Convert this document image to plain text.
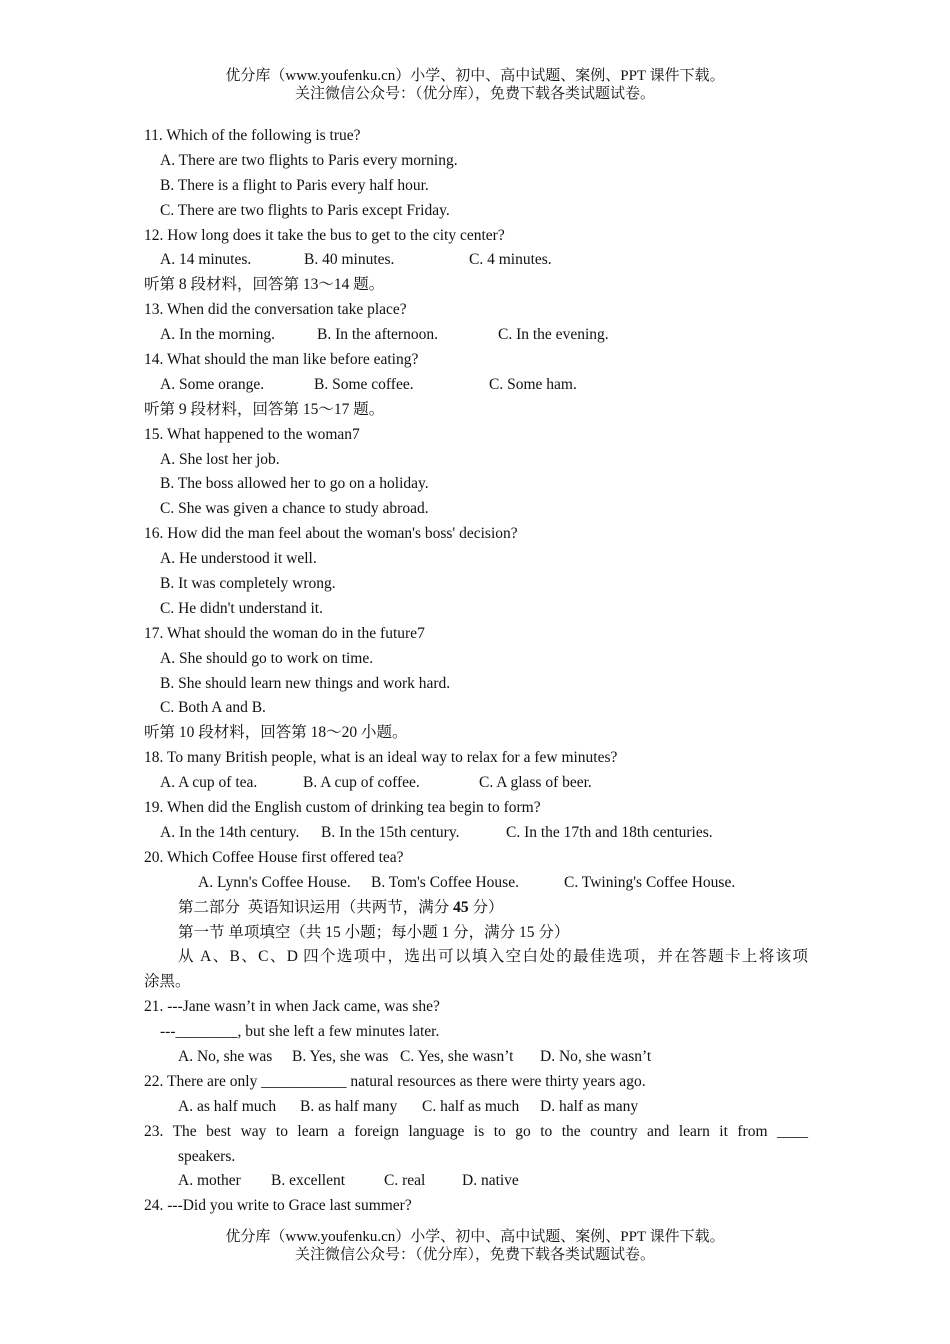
优分库（www.youfenku.cn）小学、初中、高中试题、案例、PPT 课件下载。
关注微信公众号：（优分库），免费下载各类试题试卷。
11. Which of the following is true?
A. There are two flights to Paris every morning.
B. There is a flight to Paris every half hour.
C. There are two flights to Paris except Friday.
12. How long does it take the bus to get to the city center?
A. 14 minutes.	B. 40 minutes.	C. 4 minutes.
听第 8 段材料，回答第 13～14 题。
13. When did the conversation take place?
A. In the morning.	B. In the afternoon.	C. In the evening.
14. What should the man like before eating?
A. Some orange.	B. Some coffee.	C. Some ham.
听第 9 段材料，回答第 15～17 题。
15. What happened to the woman7
A. She lost her job.
B. The boss allowed her to go on a holiday.
C. She was given a chance to study abroad.
16. How did the man feel about the woman's boss' decision?
A. He understood it well.
B. It was completely wrong.
C. He didn't understand it.
17. What should the woman do in the future7
A. She should go to work on time.
B. She should learn new things and work hard.
C. Both A and B.
听第 10 段材料，回答第 18～20 小题。
18. To many British people, what is an ideal way to relax for a few minutes?
A. A cup of tea.	B. A cup of coffee.	C. A glass of beer.
19. When did the English custom of drinking tea begin to form?
A. In the 14th century.	B. In the 15th century.	C. In the 17th and 18th centuries.
20. Which Coffee House first offered tea?
A. Lynn's Coffee House.	B. Tom's Coffee House.	C. Twining's Coffee House.
第二部分  英语知识运用（共两节，满分 45 分）
第一节 单项填空（共 15 小题；每小题 1 分，满分 15 分）
从 A、B、C、D 四个选项中，选出可以填入空白处的最佳选项，并在答题卡上将该项
涂黑。
21. ---Jane wasn’t in when Jack came, was she?
---________, but she left a few minutes later.
A. No, she was	B. Yes, she was C. Yes, she wasn’t	D. No, she wasn’t
22. There are only ___________ natural resources as there were thirty years ago.
A. as half much	B. as half many	C. half as much	D. half as many
23. The best way to learn a foreign language is to go to the country and learn it from ____
speakers.
A. mother	B. excellent	C. real	D. native
24. ---Did you write to Grace last summer?
优分库（www.youfenku.cn）小学、初中、高中试题、案例、PPT 课件下载。
关注微信公众号：（优分库），免费下载各类试题试卷。
